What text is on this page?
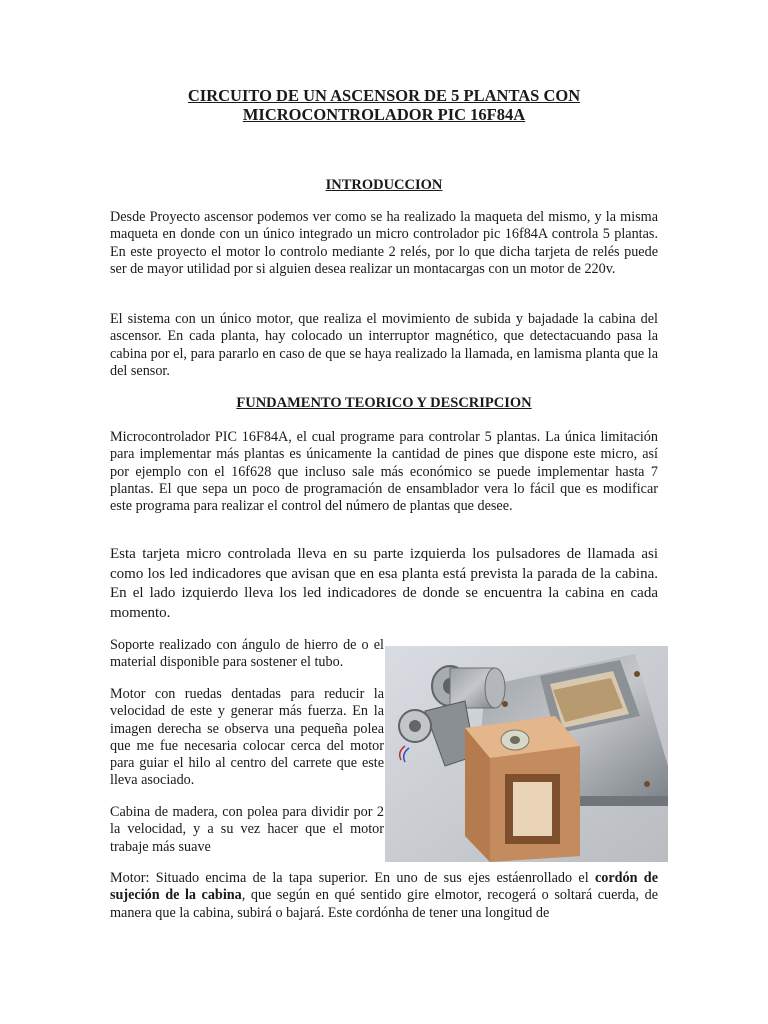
CIRCUITO DE UN ASCENSOR DE 5 PLANTAS CON MICROCONTROLADOR PIC 16F84A
INTRODUCCION

Desde Proyecto ascensor podemos ver como se ha realizado la maqueta del mismo, y la misma maqueta en donde con un único integrado un micro controlador pic 16f84A controla 5 plantas. En este proyecto el motor lo controlo mediante 2 relés, por lo que dicha tarjeta de relés puede ser de mayor utilidad por si alguien desea realizar un montacargas con un motor de 220v.

El sistema con un único motor, que realiza el movimiento de subida y bajadade la cabina del ascensor. En cada planta, hay colocado un interruptor magnético, que detectacuando pasa la cabina por el, para pararlo en caso de que se haya realizado la llamada, en lamisma planta que la del sensor.

FUNDAMENTO TEORICO Y DESCRIPCION

Microcontrolador PIC 16F84A, el cual programe para controlar 5 plantas. La única limitación para implementar más plantas es únicamente la cantidad de pines que dispone este micro, así por ejemplo con el 16f628 que incluso sale más económico se puede implementar hasta 7 plantas. El que sepa un poco de programación de ensamblador vera lo fácil que es modificar este programa para realizar el control del número de plantas que desee.

Esta tarjeta micro controlada lleva en su parte izquierda los pulsadores de llamada asi como los led indicadores que avisan que en esa planta está prevista la parada de la cabina. En el lado izquierdo lleva los led indicadores de donde se encuentra la cabina en cada momento.

Soporte realizado con ángulo de hierro de o el material disponible para sostener el tubo.

Motor con ruedas dentadas para reducir la velocidad de este y generar más fuerza. En la imagen derecha se observa una pequeña polea que me fue necesaria colocar cerca del motor para guiar el hilo al centro del carrete que este lleva asociado.

Cabina de madera, con polea para dividir por 2 la velocidad, y a su vez hacer que el motor trabaje más suave

Motor: Situado encima de la tapa superior. En uno de sus ejes estáenrollado el cordón de sujeción de la cabina, que según en qué sentido gire elmotor, recogerá o soltará cuerda, de manera que la cabina, subirá o bajará. Este cordónha de tener una longitud de
